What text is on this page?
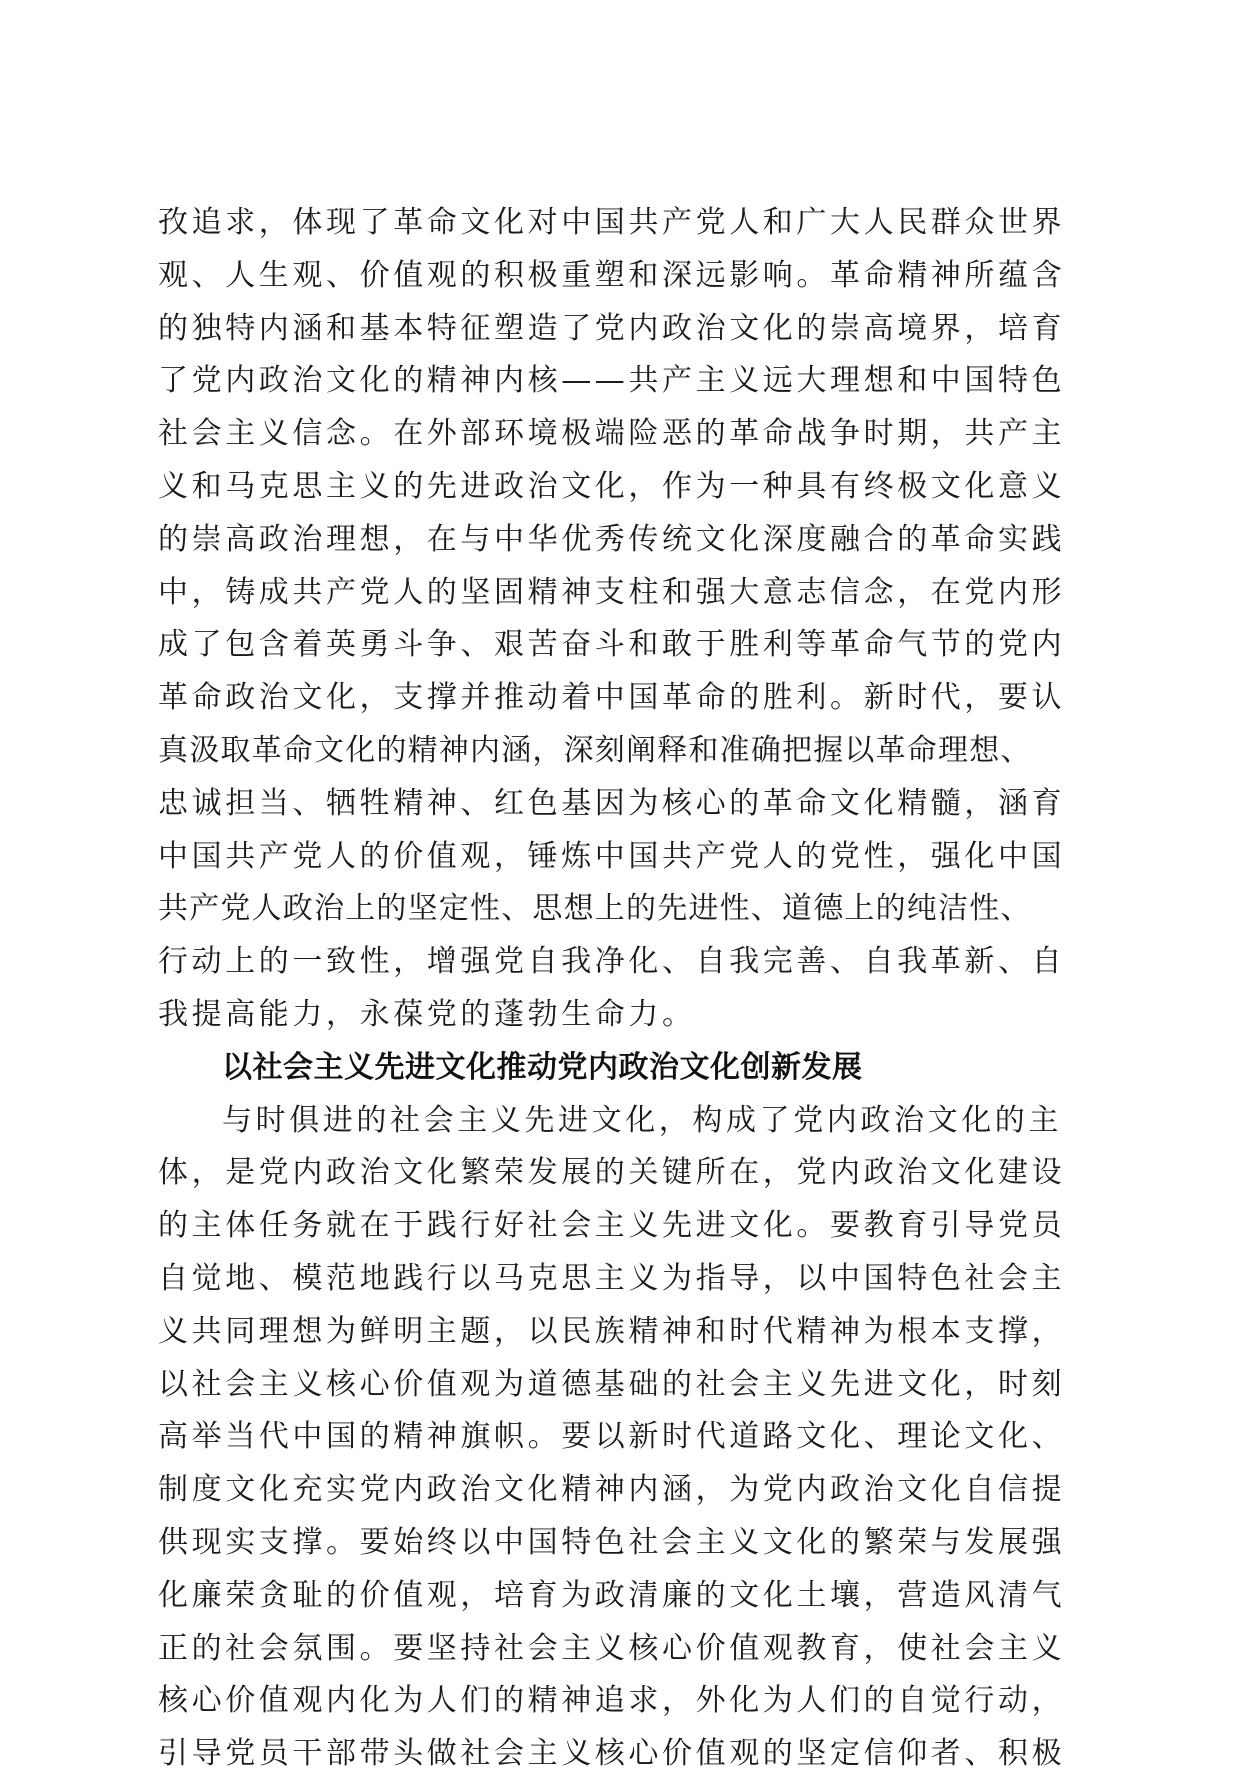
孜追求，体现了革命文化对中国共产党人和广大人民群众世界
观、人生观、价值观的积极重塑和深远影响。革命精神所蕴含
的独特内涵和基本特征塑造了党内政治文化的崇高境界，培育
了党内政治文化的精神内核——共产主义远大理想和中国特色
社会主义信念。在外部环境极端险恶的革命战争时期，共产主
义和马克思主义的先进政治文化，作为一种具有终极文化意义
的崇高政治理想，在与中华优秀传统文化深度融合的革命实践
中，铸成共产党人的坚固精神支柱和强大意志信念，在党内形
成了包含着英勇斗争、艰苦奋斗和敢于胜利等革命气节的党内
革命政治文化，支撑并推动着中国革命的胜利。新时代，要认
真汲取革命文化的精神内涵，深刻阐释和准确把握以革命理想、
忠诚担当、牺牲精神、红色基因为核心的革命文化精髓，涵育
中国共产党人的价值观，锤炼中国共产党人的党性，强化中国
共产党人政治上的坚定性、思想上的先进性、道德上的纯洁性、
行动上的一致性，增强党自我净化、自我完善、自我革新、自
我提高能力，永葆党的蓬勃生命力。
以社会主义先进文化推动党内政治文化创新发展
与时俱进的社会主义先进文化，构成了党内政治文化的主
体，是党内政治文化繁荣发展的关键所在，党内政治文化建设
的主体任务就在于践行好社会主义先进文化。要教育引导党员
自觉地、模范地践行以马克思主义为指导，以中国特色社会主
义共同理想为鲜明主题，以民族精神和时代精神为根本支撑，
以社会主义核心价值观为道德基础的社会主义先进文化，时刻
高举当代中国的精神旗帜。要以新时代道路文化、理论文化、
制度文化充实党内政治文化精神内涵，为党内政治文化自信提
供现实支撑。要始终以中国特色社会主义文化的繁荣与发展强
化廉荣贪耻的价值观，培育为政清廉的文化土壤，营造风清气
正的社会氛围。要坚持社会主义核心价值观教育，使社会主义
核心价值观内化为人们的精神追求，外化为人们的自觉行动，
引导党员干部带头做社会主义核心价值观的坚定信仰者、积极
